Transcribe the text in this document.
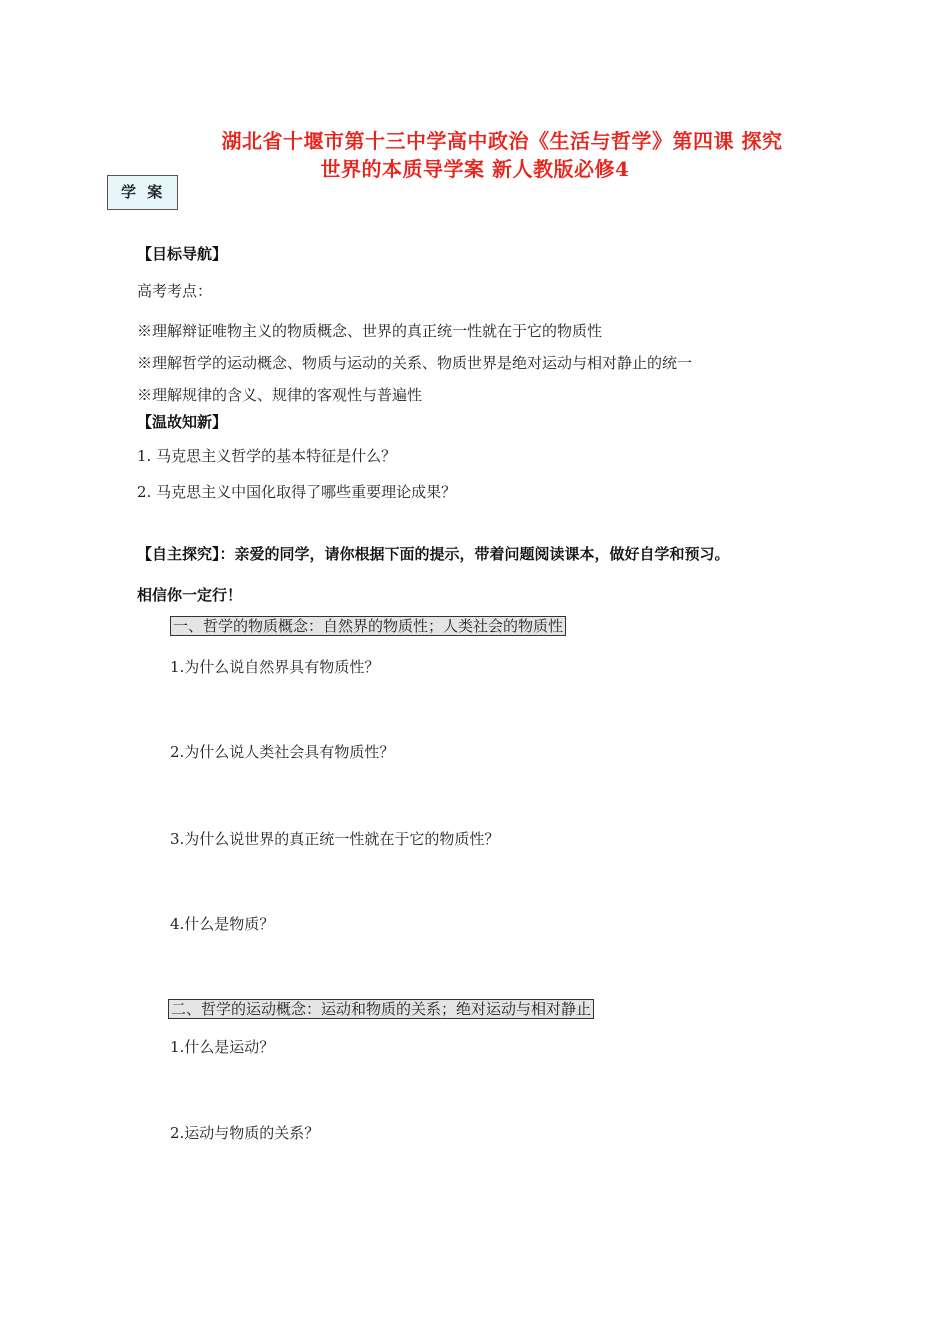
湖北省十堰市第十三中学高中政治《生活与哲学》第四课 探究
世界的本质导学案 新人教版必修4
学 案
【目标导航】
高考考点：
※理解辩证唯物主义的物质概念、世界的真正统一性就在于它的物质性
※理解哲学的运动概念、物质与运动的关系、物质世界是绝对运动与相对静止的统一
※理解规律的含义、规律的客观性与普遍性
【温故知新】
1. 马克思主义哲学的基本特征是什么？
2. 马克思主义中国化取得了哪些重要理论成果？
【自主探究】：亲爱的同学，请你根据下面的提示，带着问题阅读课本，做好自学和预习。
相信你一定行！
一、哲学的物质概念：自然界的物质性；人类社会的物质性
1.为什么说自然界具有物质性？
2.为什么说人类社会具有物质性？
3.为什么说世界的真正统一性就在于它的物质性？
4.什么是物质？
二、哲学的运动概念：运动和物质的关系；绝对运动与相对静止
1.什么是运动？
2.运动与物质的关系？
